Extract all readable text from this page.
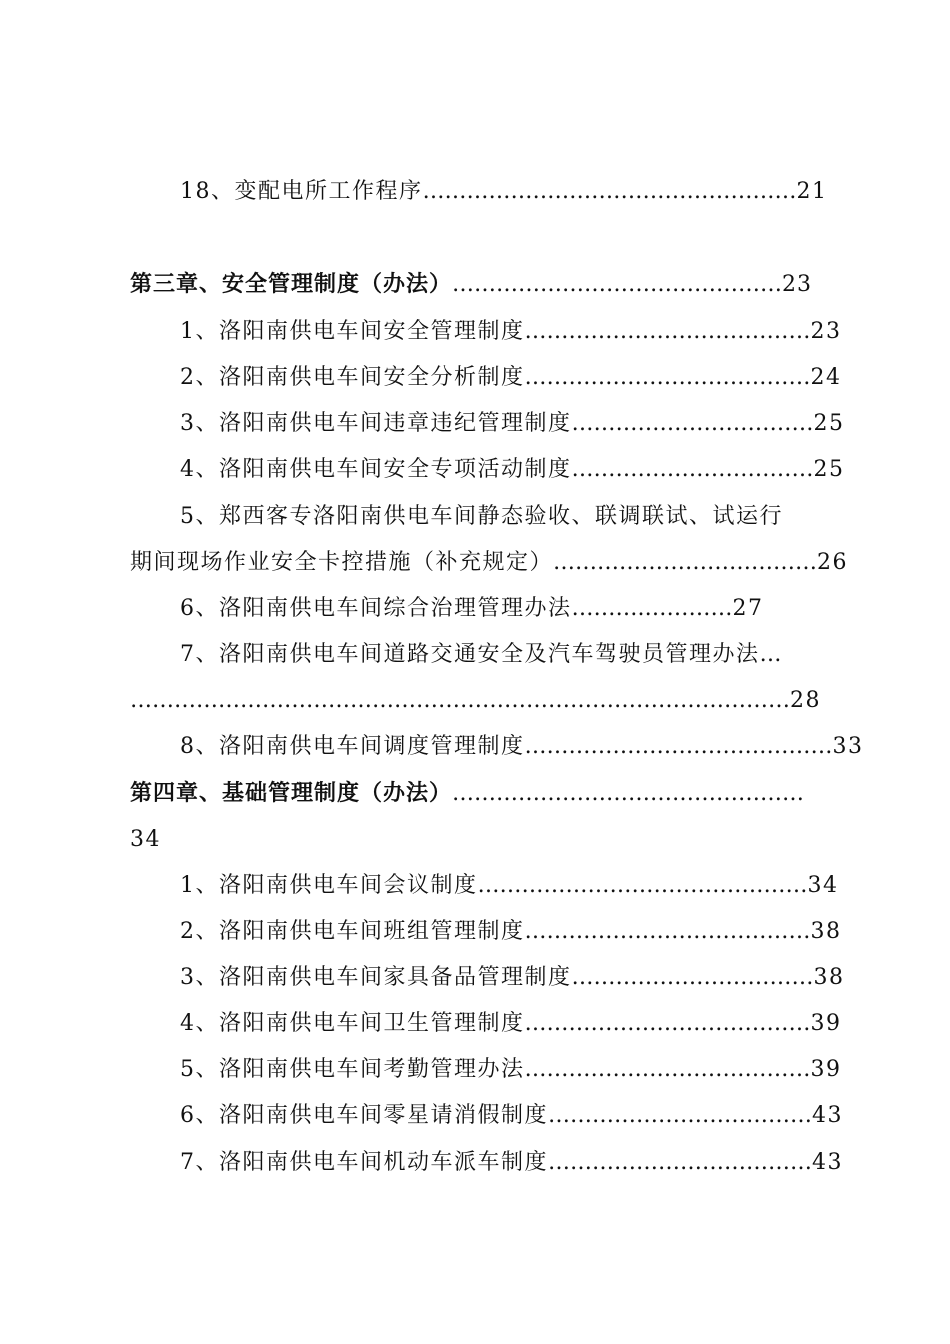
18、变配电所工作程序……………………………………………21
第三章、安全管理制度（办法）………………………………………23
1、洛阳南供电车间安全管理制度…………………………………23
2、洛阳南供电车间安全分析制度…………………………………24
3、洛阳南供电车间违章违纪管理制度……………………………25
4、洛阳南供电车间安全专项活动制度……………………………25
5、郑西客专洛阳南供电车间静态验收、联调联试、试运行
期间现场作业安全卡控措施（补充规定）………………………………26
6、洛阳南供电车间综合治理管理办法……….…………27
7、洛阳南供电车间道路交通安全及汽车驾驶员管理办法…
………………………………………………………………………………28
8、洛阳南供电车间调度管理制度……………………………………33
第四章、基础管理制度（办法）…………………………………………
34
1、洛阳南供电车间会议制度………………………………………34
2、洛阳南供电车间班组管理制度…………………………………38
3、洛阳南供电车间家具备品管理制度……………………………38
4、洛阳南供电车间卫生管理制度…………………………………39
5、洛阳南供电车间考勤管理办法…………………………………39
6、洛阳南供电车间零星请消假制度………………………………43
7、洛阳南供电车间机动车派车制度………………………………43
